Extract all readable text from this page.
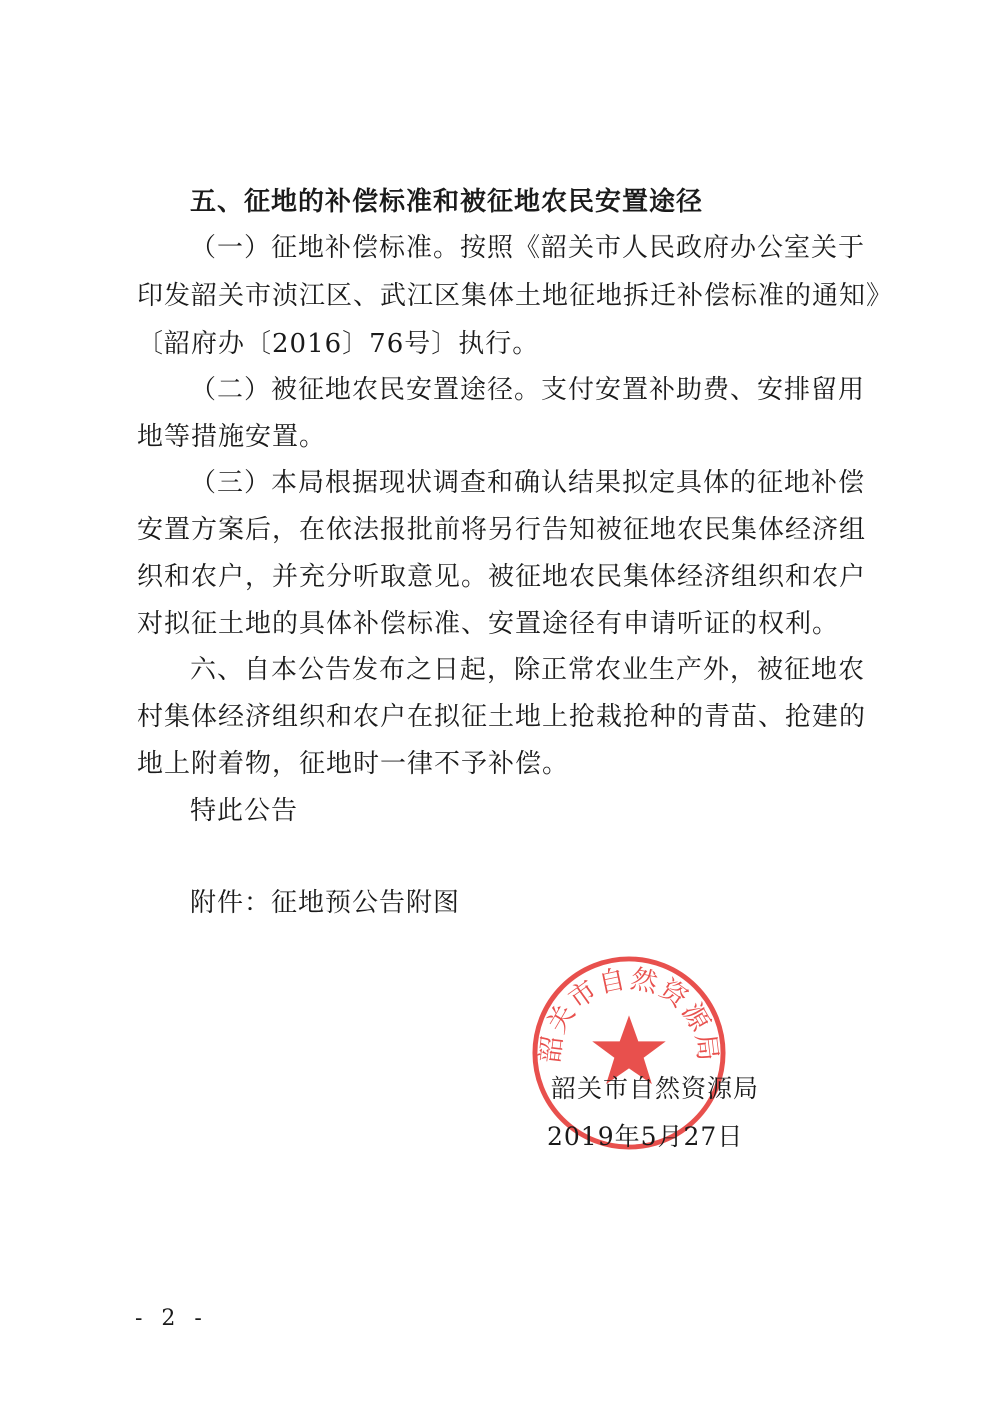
五、征地的补偿标准和被征地农民安置途径
（一）征地补偿标准。按照《韶关市人民政府办公室关于
印发韶关市浈江区、武江区集体土地征地拆迁补偿标准的通知》
〔韶府办〔2016〕76号〕执行。
（二）被征地农民安置途径。支付安置补助费、安排留用
地等措施安置。
（三）本局根据现状调查和确认结果拟定具体的征地补偿
安置方案后，在依法报批前将另行告知被征地农民集体经济组
织和农户，并充分听取意见。被征地农民集体经济组织和农户
对拟征土地的具体补偿标准、安置途径有申请听证的权利。
六、自本公告发布之日起，除正常农业生产外，被征地农
村集体经济组织和农户在拟征土地上抢栽抢种的青苗、抢建的
地上附着物，征地时一律不予补偿。
特此公告
附件：征地预公告附图
韶关市自然资源局
韶关市自然资源局
2019年5月27日
- 2 -
